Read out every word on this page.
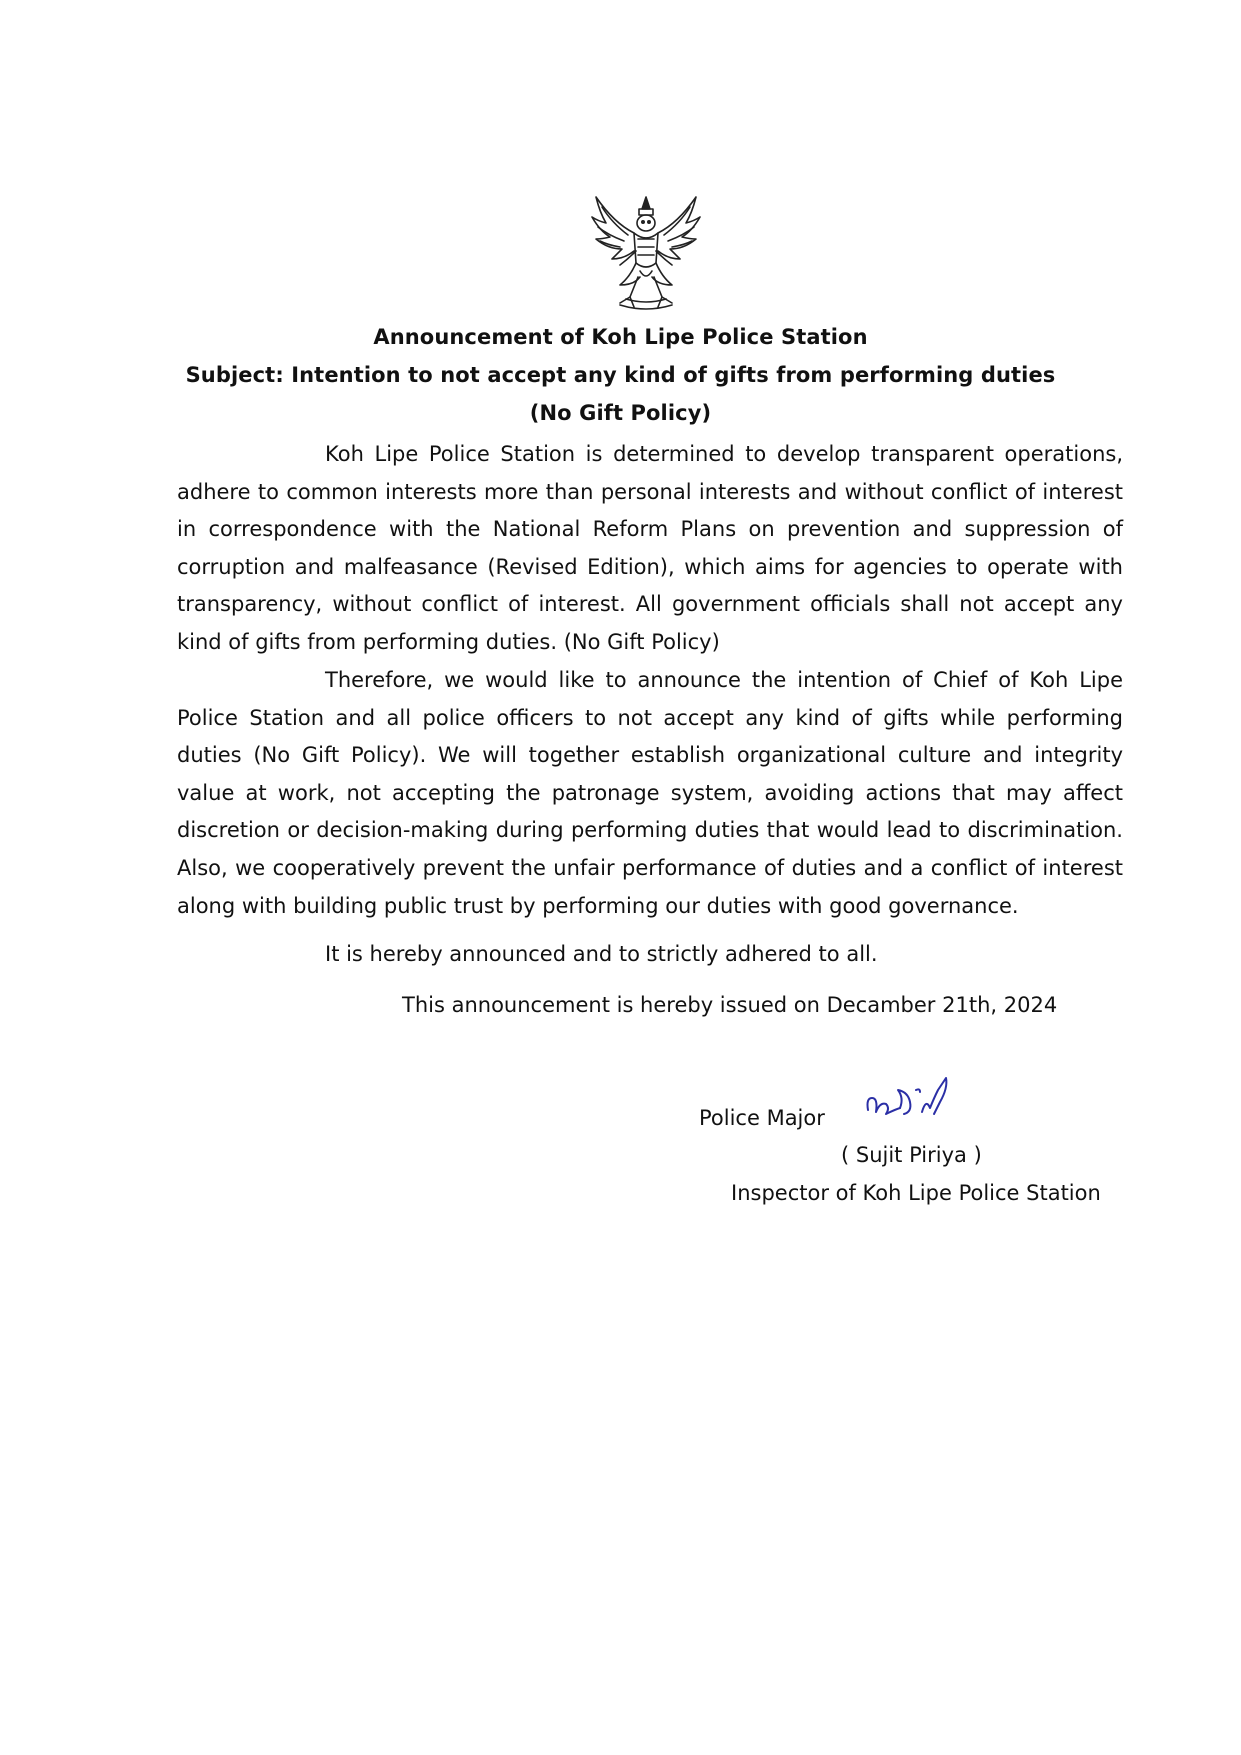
Announcement of Koh Lipe Police Station
Subject: Intention to not accept any kind of gifts from performing duties
(No Gift Policy)

Koh Lipe Police Station is determined to develop transparent operations, adhere to common interests more than personal interests and without conflict of interest in correspondence with the National Reform Plans on prevention and suppression of corruption and malfeasance (Revised Edition), which aims for agencies to operate with transparency, without conflict of interest. All government officials shall not accept any kind of gifts from performing duties. (No Gift Policy)

Therefore, we would like to announce the intention of Chief of Koh Lipe Police Station and all police officers to not accept any kind of gifts while performing duties (No Gift Policy). We will together establish organizational culture and integrity value at work, not accepting the patronage system, avoiding actions that may affect discretion or decision-making during performing duties that would lead to discrimination. Also, we cooperatively prevent the unfair performance of duties and a conflict of interest along with building public trust by performing our duties with good governance.

It is hereby announced and to strictly adhered to all.
This announcement is hereby issued on Decamber 21th, 2024
Police Major
( Sujit Piriya )
Inspector of Koh Lipe Police Station
